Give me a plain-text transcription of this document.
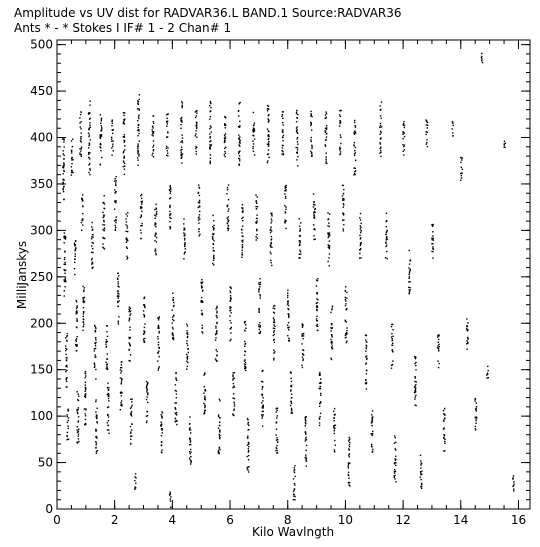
Amplitude vs UV dist for RADVAR36.L BAND.1 Source:RADVAR36
Ants * - * Stokes I IF# 1 - 2 Chan# 1
0	2	4	6	8	10	12	14	16
0
50
100
150
200
250
300
350
400
450
500
Kilo Wavlngth
MilliJanskys
